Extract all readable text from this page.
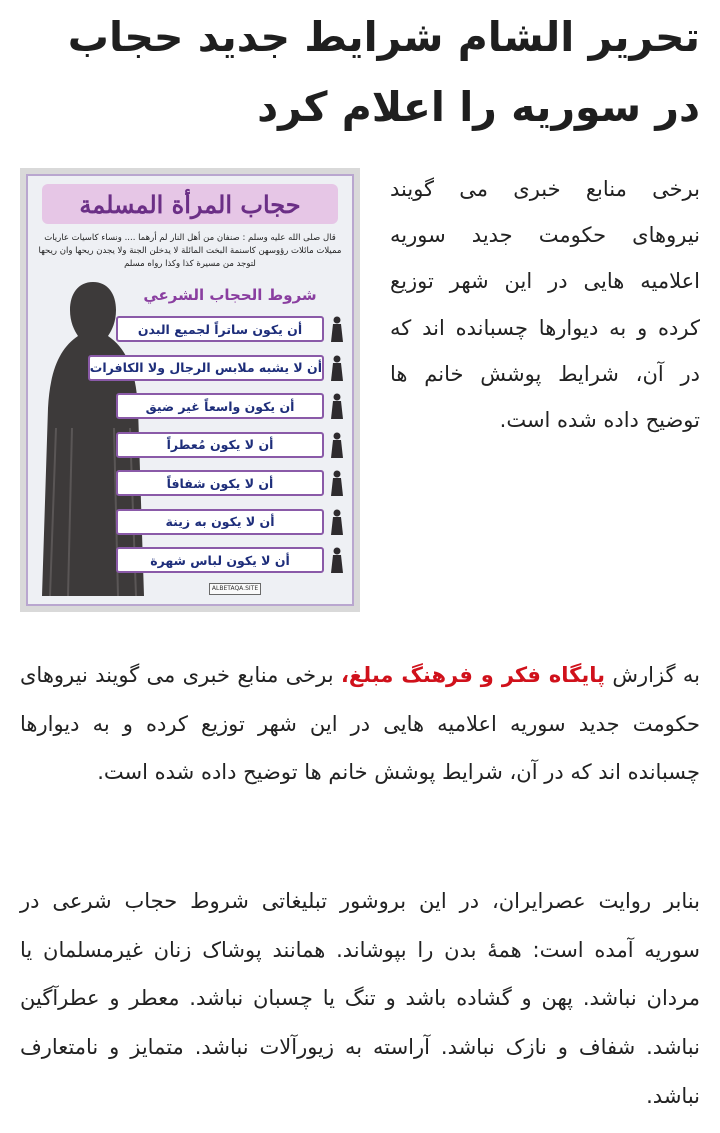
تحریر الشام شرایط جدید حجاب در سوریه را اعلام کرد
حجاب المرأة المسلمة
قال صلى الله عليه وسلم : صنفان من أهل النار لم أرهما .... ونساء كاسيات عاريات مميلات مائلات رؤوسهن كاسنمة البخت المائلة لا يدخلن الجنة ولا يجدن ريحها وان ريحها لتوجد من مسيرة كذا وكذا رواه مسلم
شروط الحجاب الشرعي
أن يكون ساتراً لجميع البدن
أن لا يشبه ملابس الرجال ولا الكافرات
أن يكون واسعاً غير ضيق
أن لا يكون مُعطراً
أن لا يكون شفافاً
أن لا يكون به زينة
أن لا يكون لباس شهرة
ALBETAQA.SITE

برخی منابع خبری می گویند نیروهای حکومت جدید سوریه اعلامیه هایی در این شهر توزیع کرده و به دیوارها چسبانده اند که در آن، شرایط پوشش خانم ها توضیح داده شده است.

به گزارش پایگاه فکر و فرهنگ مبلغ، برخی منابع خبری می گویند نیروهای حکومت جدید سوریه اعلامیه هایی در این شهر توزیع کرده و به دیوارها چسبانده اند که در آن، شرایط پوشش خانم ها توضیح داده شده است.

بنابر روایت عصرایران، در این بروشور تبلیغاتی شروط حجاب شرعی در سوریه آمده است: همهٔ بدن را بپوشاند. همانند پوشاک زنان غیرمسلمان یا مردان نباشد. پهن و گشاده باشد و تنگ یا چسبان نباشد. معطر و عطرآگین نباشد. شفاف و نازک نباشد. آراسته به زیورآلات نباشد. متمایز و نامتعارف نباشد.
